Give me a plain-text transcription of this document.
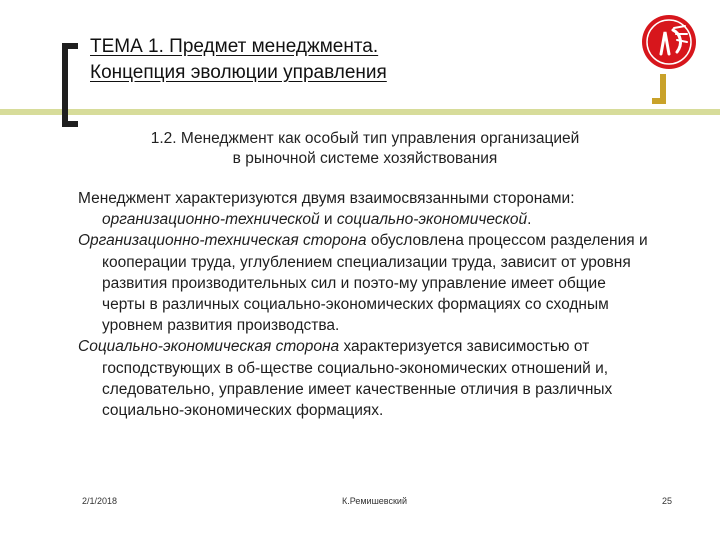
ТЕМА 1. Предмет менеджмента.
Концепция эволюции управления
1.2. Менеджмент как особый тип управления организацией
в рыночной системе хозяйствования

Менеджмент характеризуются двумя взаимосвязанными сторонами: организационно-технической и социально-экономической.

Организационно-техническая сторона обусловлена процессом разделения и кооперации труда, углублением специализации труда, зависит от уровня развития производительных сил и поэто-му управление имеет общие черты в различных социально-экономических формациях со сходным уровнем развития производства.

Социально-экономическая сторона характеризуется зависимостью от господствующих в об-ществе социально-экономических отношений и, следовательно, управление имеет качественные отличия в различных социально-экономических формациях.

2/1/2018	К.Ремишевский	25
